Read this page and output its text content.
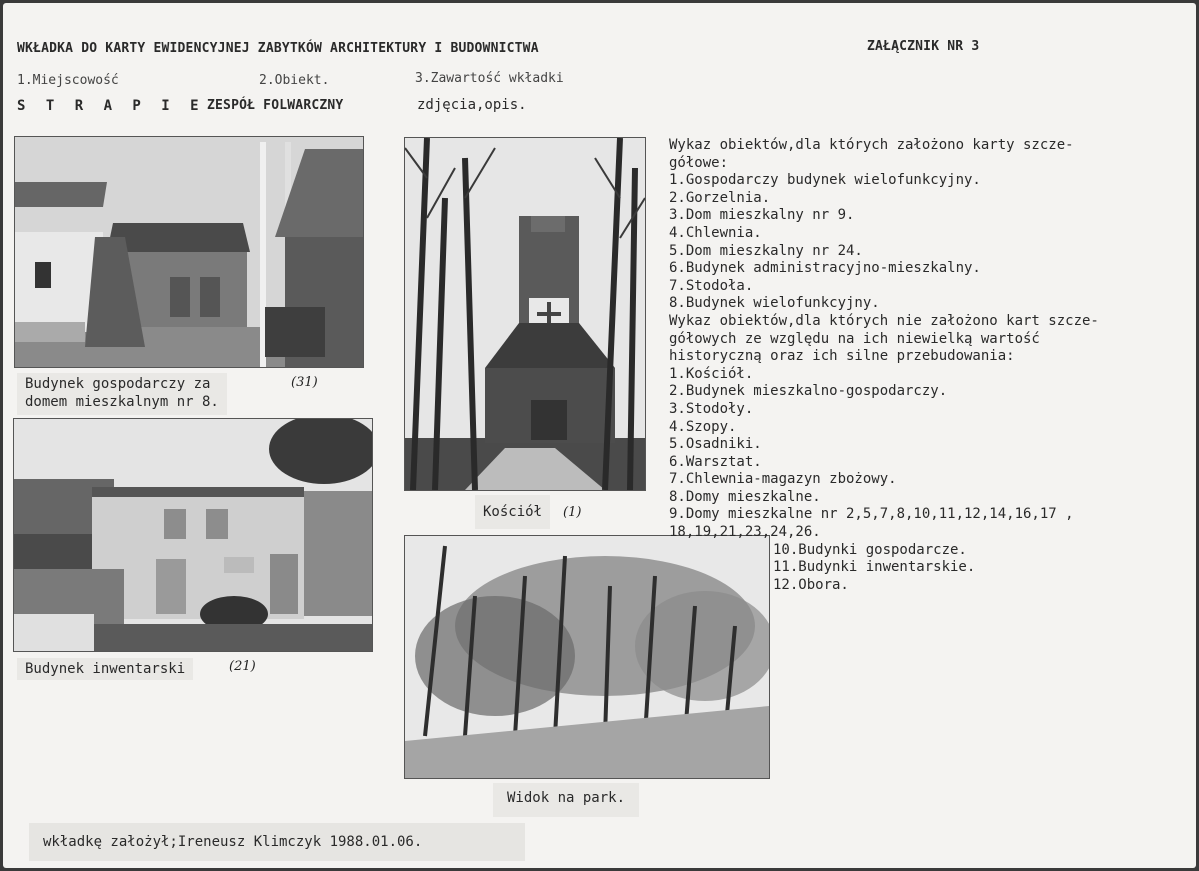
WKŁADKA DO KARTY EWIDENCYJNEJ ZABYTKÓW ARCHITEKTURY I BUDOWNICTWA	ZAŁĄCZNIK NR 3
1.Miejscowość	2.Obiekt.	3.Zawartość wkładki
S T R A P I E ZESPÓŁ FOLWARCZNY	zdjęcia,opis.
Budynek gospodarczy za
domem mieszkalnym nr 8.
(31)
Budynek inwentarski	(21)
Kościół	(1)
Widok na park.
Wykaz obiektów,dla których założono karty szcze-
gółowe:
1.Gospodarczy budynek wielofunkcyjny.
2.Gorzelnia.
3.Dom mieszkalny nr 9.
4.Chlewnia.
5.Dom mieszkalny nr 24.
6.Budynek administracyjno-mieszkalny.
7.Stodoła.
8.Budynek wielofunkcyjny.
Wykaz obiektów,dla których nie założono kart szcze-
gółowych ze względu na ich niewielką wartość
historyczną oraz ich silne przebudowania:
1.Kościół.
2.Budynek mieszkalno-gospodarczy.
3.Stodoły.
4.Szopy.
5.Osadniki.
6.Warsztat.
7.Chlewnia-magazyn zbożowy.
8.Domy mieszkalne.
9.Domy mieszkalne nr 2,5,7,8,10,11,12,14,16,17 ,
18,19,21,23,24,26.
10.Budynki gospodarcze.
11.Budynki inwentarskie.
12.Obora.
wkładkę założył;Ireneusz Klimczyk 1988.01.06.
